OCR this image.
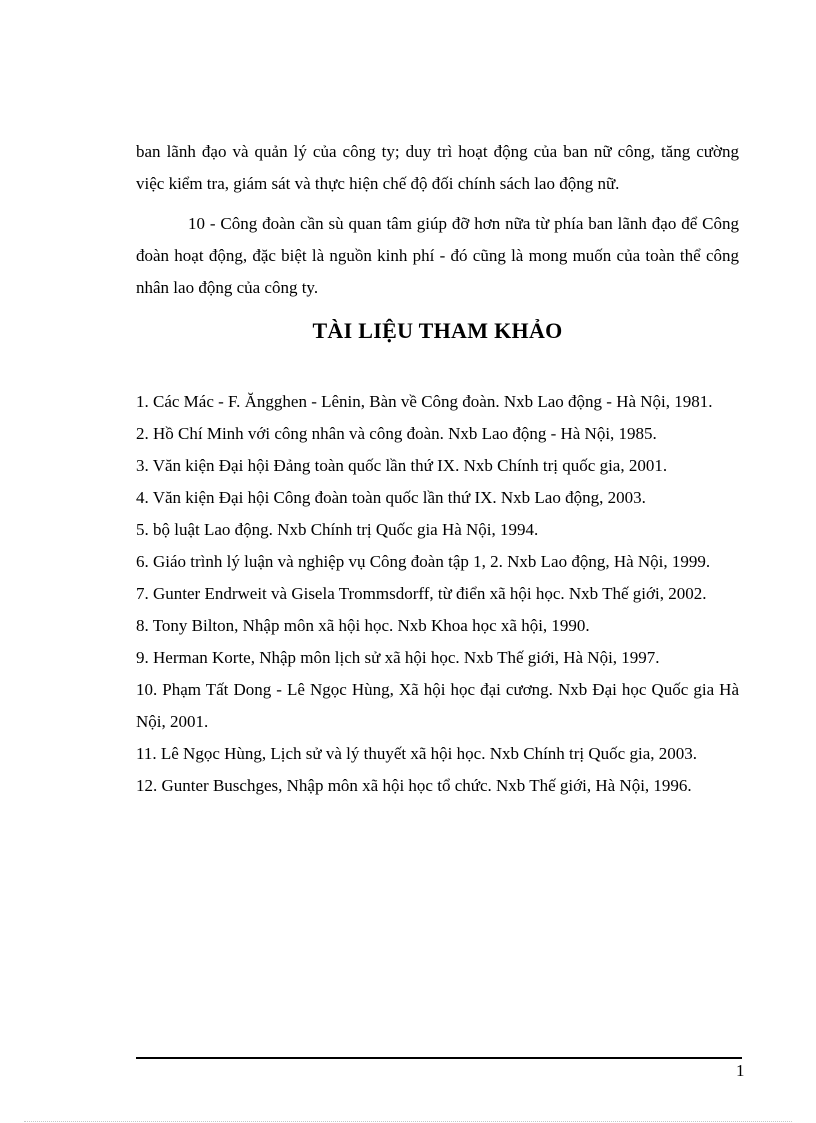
ban lãnh đạo và quản lý của công ty; duy trì hoạt động của ban nữ công, tăng cường việc kiểm tra, giám sát và thực hiện chế độ đối chính sách lao động nữ.

10 - Công đoàn cần sù quan tâm giúp đỡ hơn nữa từ phía ban lãnh đạo để Công đoàn hoạt động, đặc biệt là nguồn kinh phí - đó cũng là mong muốn của toàn thể công nhân lao động của công ty.

TÀI LIỆU THAM KHẢO
1. Các Mác - F. Ăngghen - Lênin, Bàn về Công đoàn. Nxb Lao động - Hà Nội, 1981.
2. Hồ Chí Minh với công nhân và công đoàn. Nxb Lao động - Hà Nội, 1985.
3. Văn kiện Đại hội Đảng toàn quốc lần thứ IX. Nxb Chính trị quốc gia, 2001.
4. Văn kiện Đại hội Công đoàn toàn quốc lần thứ IX. Nxb Lao động, 2003.
5. bộ luật Lao động. Nxb Chính trị Quốc gia Hà Nội, 1994.
6. Giáo trình lý luận và nghiệp vụ Công đoàn tập 1, 2. Nxb Lao động, Hà Nội, 1999.
7. Gunter Endrweit và Gisela Trommsdorff, từ điển xã hội học. Nxb Thế giới, 2002.
8. Tony Bilton, Nhập môn xã hội học. Nxb Khoa học xã hội, 1990.
9. Herman Korte, Nhập môn lịch sử xã hội học. Nxb Thế giới, Hà Nội, 1997.
10. Phạm Tất Dong - Lê Ngọc Hùng, Xã hội học đại cương. Nxb Đại học Quốc gia Hà Nội, 2001.
11. Lê Ngọc Hùng, Lịch sử và lý thuyết xã hội học. Nxb Chính trị Quốc gia, 2003.
12. Gunter Buschges, Nhập môn xã hội học tổ chức. Nxb Thế giới, Hà Nội, 1996.
1
